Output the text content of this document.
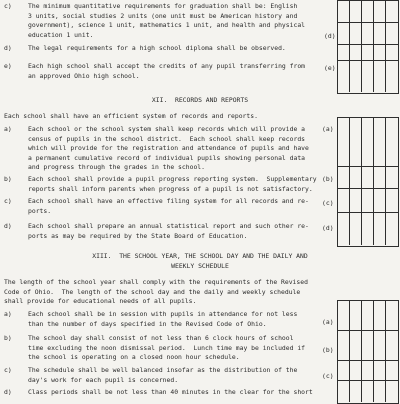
c)	The minimum quantitative requirements for graduation shall be: English
3 units, social studies 2 units (one unit must be American history and
government), science 1 unit, mathematics 1 unit, and health and physical
education 1 unit.
d)	The legal requirements for a high school diploma shall be observed.
e)	Each high school shall accept the credits of any pupil transferring from
an approved Ohio high school.
XII.  RECORDS AND REPORTS
Each school shall have an efficient system of records and reports.
a)	Each school or the school system shall keep records which will provide a
census of pupils in the school district.  Each school shall keep records
which will provide for the registration and attendance of pupils and have
a permanent cumulative record of individual pupils showing personal data
and progress through the grades in the school.
b)	Each school shall provide a pupil progress reporting system.  Supplementary
reports shall inform parents when progress of a pupil is not satisfactory.
c)	Each school shall have an effective filing system for all records and re-
ports.
d)	Each school shall prepare an annual statistical report and such other re-
ports as may be required by the State Board of Education.
XIII.  THE SCHOOL YEAR, THE SCHOOL DAY AND THE DAILY AND
WEEKLY SCHEDULE
The length of the school year shall comply with the requirements of the Revised
Code of Ohio.  The length of the school day and the daily and weekly schedule
shall provide for educational needs of all pupils.
a)	Each school shall be in session with pupils in attendance for not less
than the number of days specified in the Revised Code of Ohio.
b)	The school day shall consist of not less than 6 clock hours of school
time excluding the noon dismissal period.  Lunch time may be included if
the school is operating on a closed noon hour schedule.
c)	The schedule shall be well balanced insofar as the distribution of the
day's work for each pupil is concerned.
d)	Class periods shall be not less than 40 minutes in the clear for the short
(d)
(e)
(a)
(b)
(c)
(d)
(a)
(b)
(c)
